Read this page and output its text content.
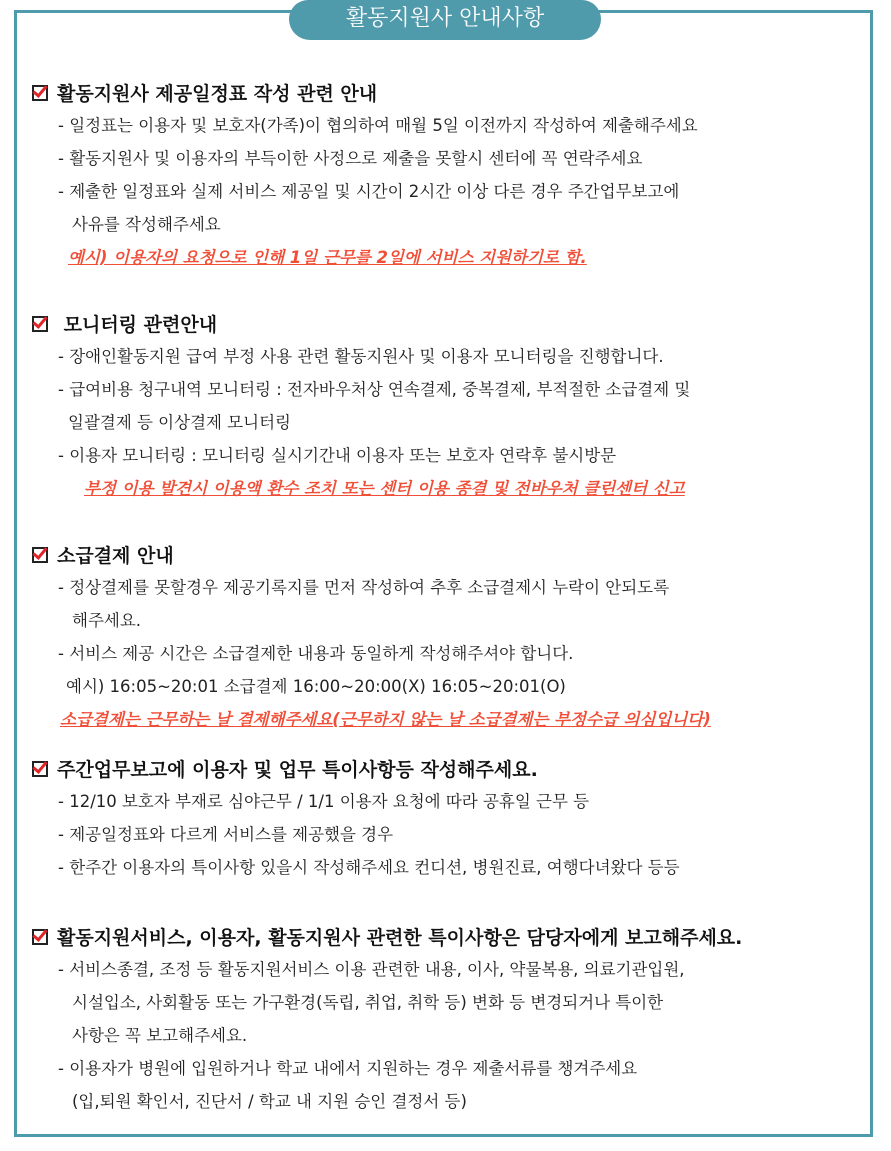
활동지원사 안내사항
활동지원사 제공일정표 작성 관련 안내
- 일정표는 이용자 및 보호자(가족)이 협의하여 매월 5일 이전까지 작성하여 제출해주세요
- 활동지원사 및 이용자의 부득이한 사정으로 제출을 못할시 센터에 꼭 연락주세요
- 제출한 일정표와 실제 서비스 제공일 및 시간이 2시간 이상 다른 경우 주간업무보고에
사유를 작성해주세요
예시) 이용자의 요청으로 인해 1일 근무를 2일에 서비스 지원하기로 함.
모니터링 관련안내
- 장애인활동지원 급여 부정 사용 관련 활동지원사 및 이용자 모니터링을 진행합니다.
- 급여비용 청구내역 모니터링 : 전자바우처상 연속결제, 중복결제, 부적절한 소급결제 및
일괄결제 등 이상결제 모니터링
- 이용자 모니터링 : 모니터링 실시기간내 이용자 또는 보호자 연락후 불시방문
부정 이용 발견시 이용액 환수 조치 또는 센터 이용 종결 및 전바우처 클린센터 신고
소급결제 안내
- 정상결제를 못할경우 제공기록지를 먼저 작성하여 추후 소급결제시 누락이 안되도록
해주세요.
- 서비스 제공 시간은 소급결제한 내용과 동일하게 작성해주셔야 합니다.
예시) 16:05~20:01 소급결제 16:00~20:00(X) 16:05~20:01(O)
소급결제는 근무하는 날 결제해주세요(근무하지 않는 날 소급결제는 부정수급 의심입니다)
주간업무보고에 이용자 및 업무 특이사항등 작성해주세요.
- 12/10 보호자 부재로 심야근무 / 1/1 이용자 요청에 따라 공휴일 근무 등
- 제공일정표와 다르게 서비스를 제공했을 경우
- 한주간 이용자의 특이사항 있을시 작성해주세요 컨디션, 병원진료, 여행다녀왔다 등등
활동지원서비스, 이용자, 활동지원사 관련한 특이사항은 담당자에게 보고해주세요.
- 서비스종결, 조정 등 활동지원서비스 이용 관련한 내용, 이사, 약물복용, 의료기관입원,
시설입소, 사회활동 또는 가구환경(독립, 취업, 취학 등) 변화 등 변경되거나 특이한
사항은 꼭 보고해주세요.
- 이용자가 병원에 입원하거나 학교 내에서 지원하는 경우 제출서류를 챙겨주세요
(입,퇴원 확인서, 진단서 / 학교 내 지원 승인 결정서 등)
